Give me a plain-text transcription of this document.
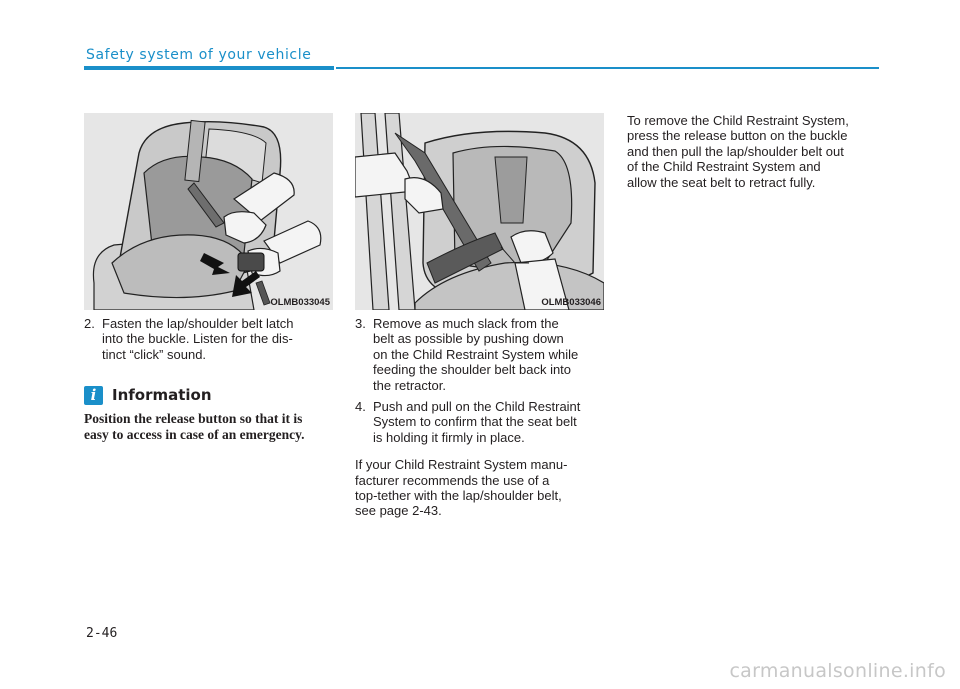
Safety system of your vehicle
OLMB033045	OLMB033046
2. Fasten the lap/shoulder belt latch
into the buckle. Listen for the dis-
tinct “click” sound.
i	Information
Position the release button so that it is
easy to access in case of an emergency.
3. Remove as much slack from the
belt as possible by pushing down
on the Child Restraint System while
feeding the shoulder belt back into
the retractor.
4. Push and pull on the Child Restraint
System to confirm that the seat belt
is holding it firmly in place.

If your Child Restraint System manu-
facturer recommends the use of a
top-tether with the lap/shoulder belt,
see page 2-43.

To remove the Child Restraint System,
press the release button on the buckle
and then pull the lap/shoulder belt out
of the Child Restraint System and
allow the seat belt to retract fully.

2-46
carmanualsonline.info
